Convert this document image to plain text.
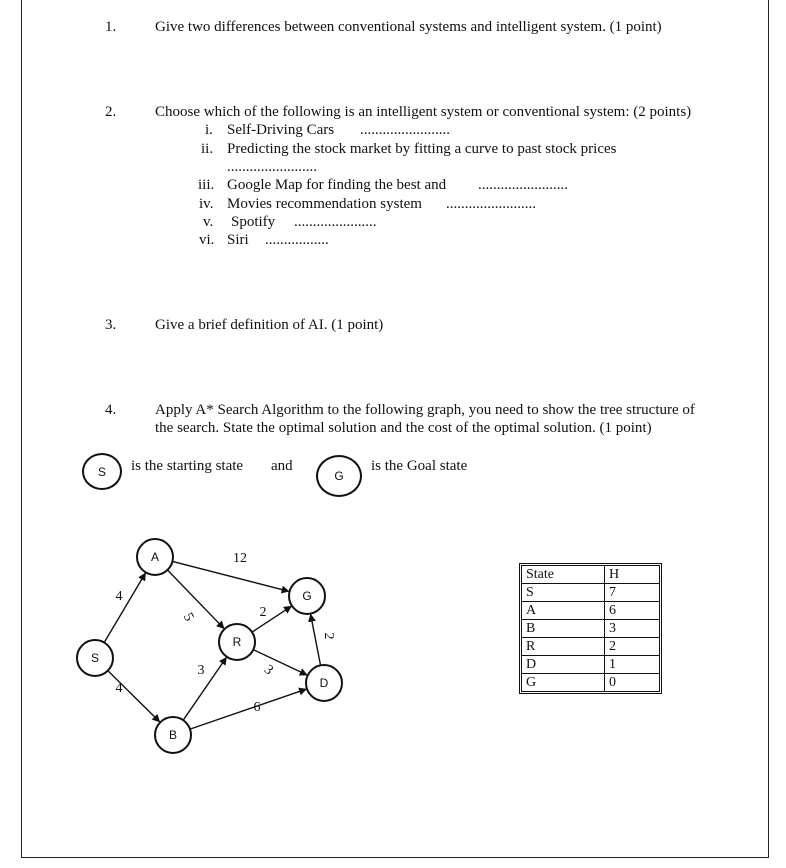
1.	Give two differences between conventional systems and intelligent system. (1 point)
2.	Choose which of the following is an intelligent system or conventional system: (2 points)
i. Self-Driving Cars ........................
ii. Predicting the stock market by fitting a curve to past stock prices
........................
iii. Google Map for finding the best and ........................
iv. Movies recommendation system ........................
v. Spotify ......................
vi. Siri .................
3.	Give a brief definition of AI. (1 point)
4.	Apply A* Search Algorithm to the following graph, you need to show the tree structure of
the search. State the optimal solution and the cost of the optimal solution. (1 point)
S is the starting state and
G
is the Goal state
4
4
12
5	2
3
3
6
2
S
A
B
R
G
D
State	H
S	7
A	6
B	3
R	2
D	1
G	0
